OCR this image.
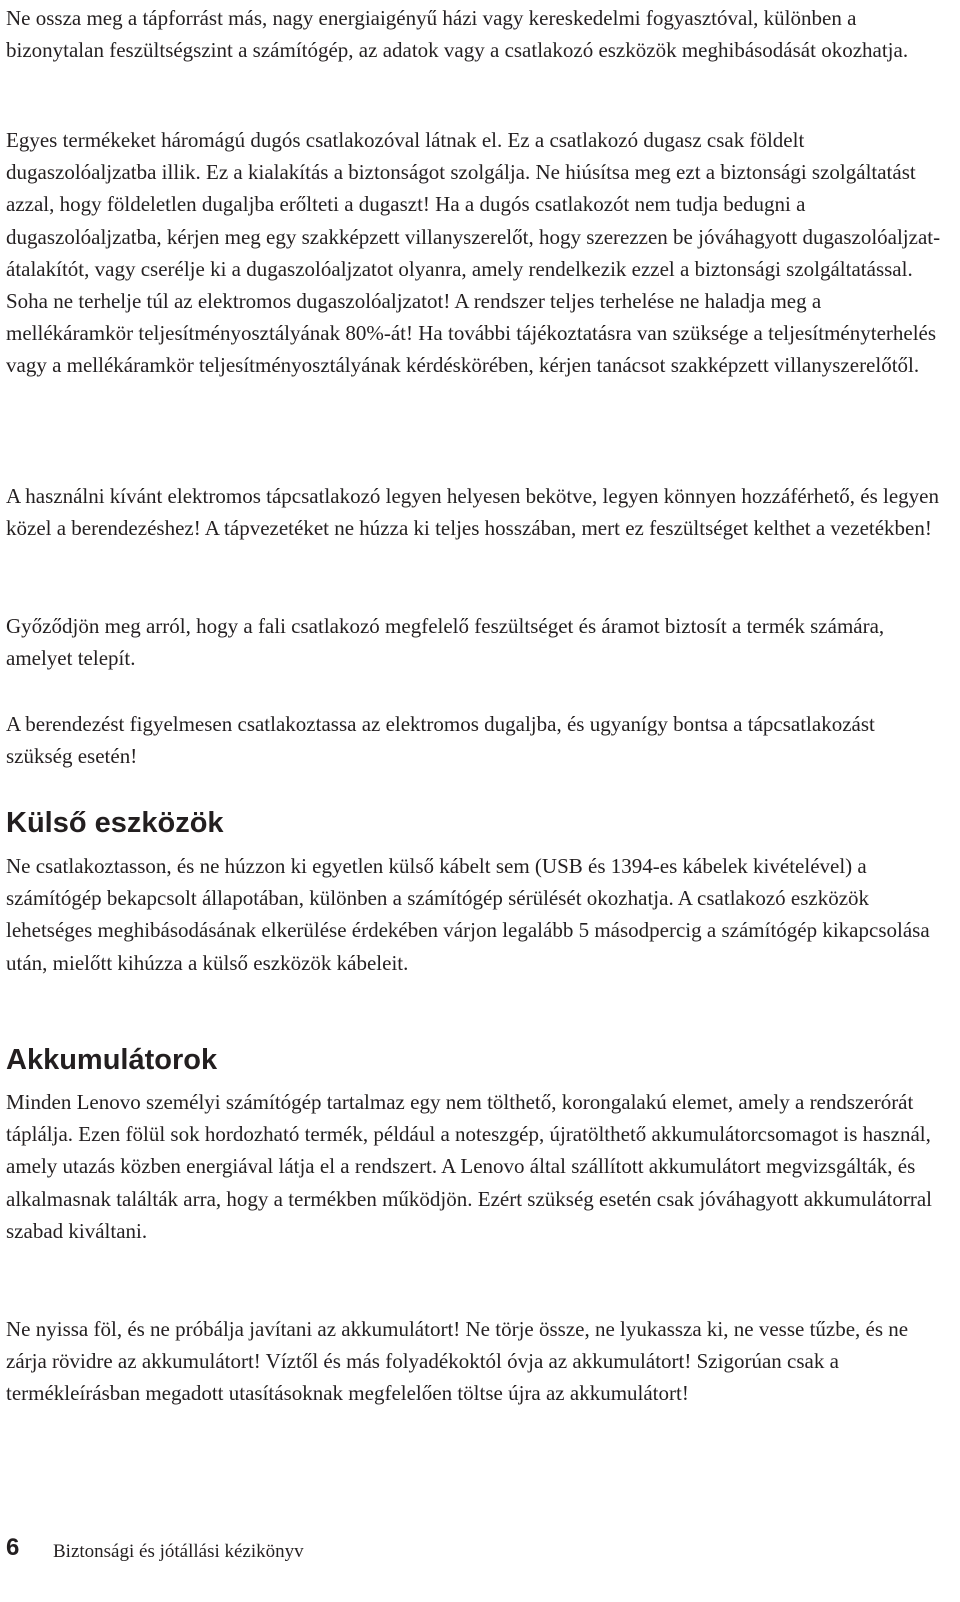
Ne ossza meg a tápforrást más, nagy energiaigényű házi vagy kereskedelmi fogyasztóval, különben a bizonytalan feszültségszint a számítógép, az adatok vagy a csatlakozó eszközök meghibásodását okozhatja.

Egyes termékeket háromágú dugós csatlakozóval látnak el. Ez a csatlakozó dugasz csak földelt dugaszolóaljzatba illik. Ez a kialakítás a biztonságot szolgálja. Ne hiúsítsa meg ezt a biztonsági szolgáltatást azzal, hogy földeletlen dugaljba erőlteti a dugaszt! Ha a dugós csatlakozót nem tudja bedugni a dugaszolóaljzatba, kérjen meg egy szakképzett villanyszerelőt, hogy szerezzen be jóváhagyott dugaszolóaljzat-átalakítót, vagy cserélje ki a dugaszolóaljzatot olyanra, amely rendelkezik ezzel a biztonsági szolgáltatással. Soha ne terhelje túl az elektromos dugaszolóaljzatot! A rendszer teljes terhelése ne haladja meg a mellékáramkör teljesítményosztályának 80%-át! Ha további tájékoztatásra van szüksége a teljesítményterhelés vagy a mellékáramkör teljesítményosztályának kérdéskörében, kérjen tanácsot szakképzett villanyszerelőtől.

A használni kívánt elektromos tápcsatlakozó legyen helyesen bekötve, legyen könnyen hozzáférhető, és legyen közel a berendezéshez! A tápvezetéket ne húzza ki teljes hosszában, mert ez feszültséget kelthet a vezetékben!

Győződjön meg arról, hogy a fali csatlakozó megfelelő feszültséget és áramot biztosít a termék számára, amelyet telepít.

A berendezést figyelmesen csatlakoztassa az elektromos dugaljba, és ugyanígy bontsa a tápcsatlakozást szükség esetén!

Külső eszközök

Ne csatlakoztasson, és ne húzzon ki egyetlen külső kábelt sem (USB és 1394-es kábelek kivételével) a számítógép bekapcsolt állapotában, különben a számítógép sérülését okozhatja. A csatlakozó eszközök lehetséges meghibásodásának elkerülése érdekében várjon legalább 5 másodpercig a számítógép kikapcsolása után, mielőtt kihúzza a külső eszközök kábeleit.

Akkumulátorok

Minden Lenovo személyi számítógép tartalmaz egy nem tölthető, korongalakú elemet, amely a rendszerórát táplálja. Ezen fölül sok hordozható termék, például a noteszgép, újratölthető akkumulátorcsomagot is használ, amely utazás közben energiával látja el a rendszert. A Lenovo által szállított akkumulátort megvizsgálták, és alkalmasnak találták arra, hogy a termékben működjön. Ezért szükség esetén csak jóváhagyott akkumulátorral szabad kiváltani.

Ne nyissa föl, és ne próbálja javítani az akkumulátort! Ne törje össze, ne lyukassza ki, ne vesse tűzbe, és ne zárja rövidre az akkumulátort! Víztől és más folyadékoktól óvja az akkumulátort! Szigorúan csak a termékleírásban megadott utasításoknak megfelelően töltse újra az akkumulátort!

6 Biztonsági és jótállási kézikönyv
